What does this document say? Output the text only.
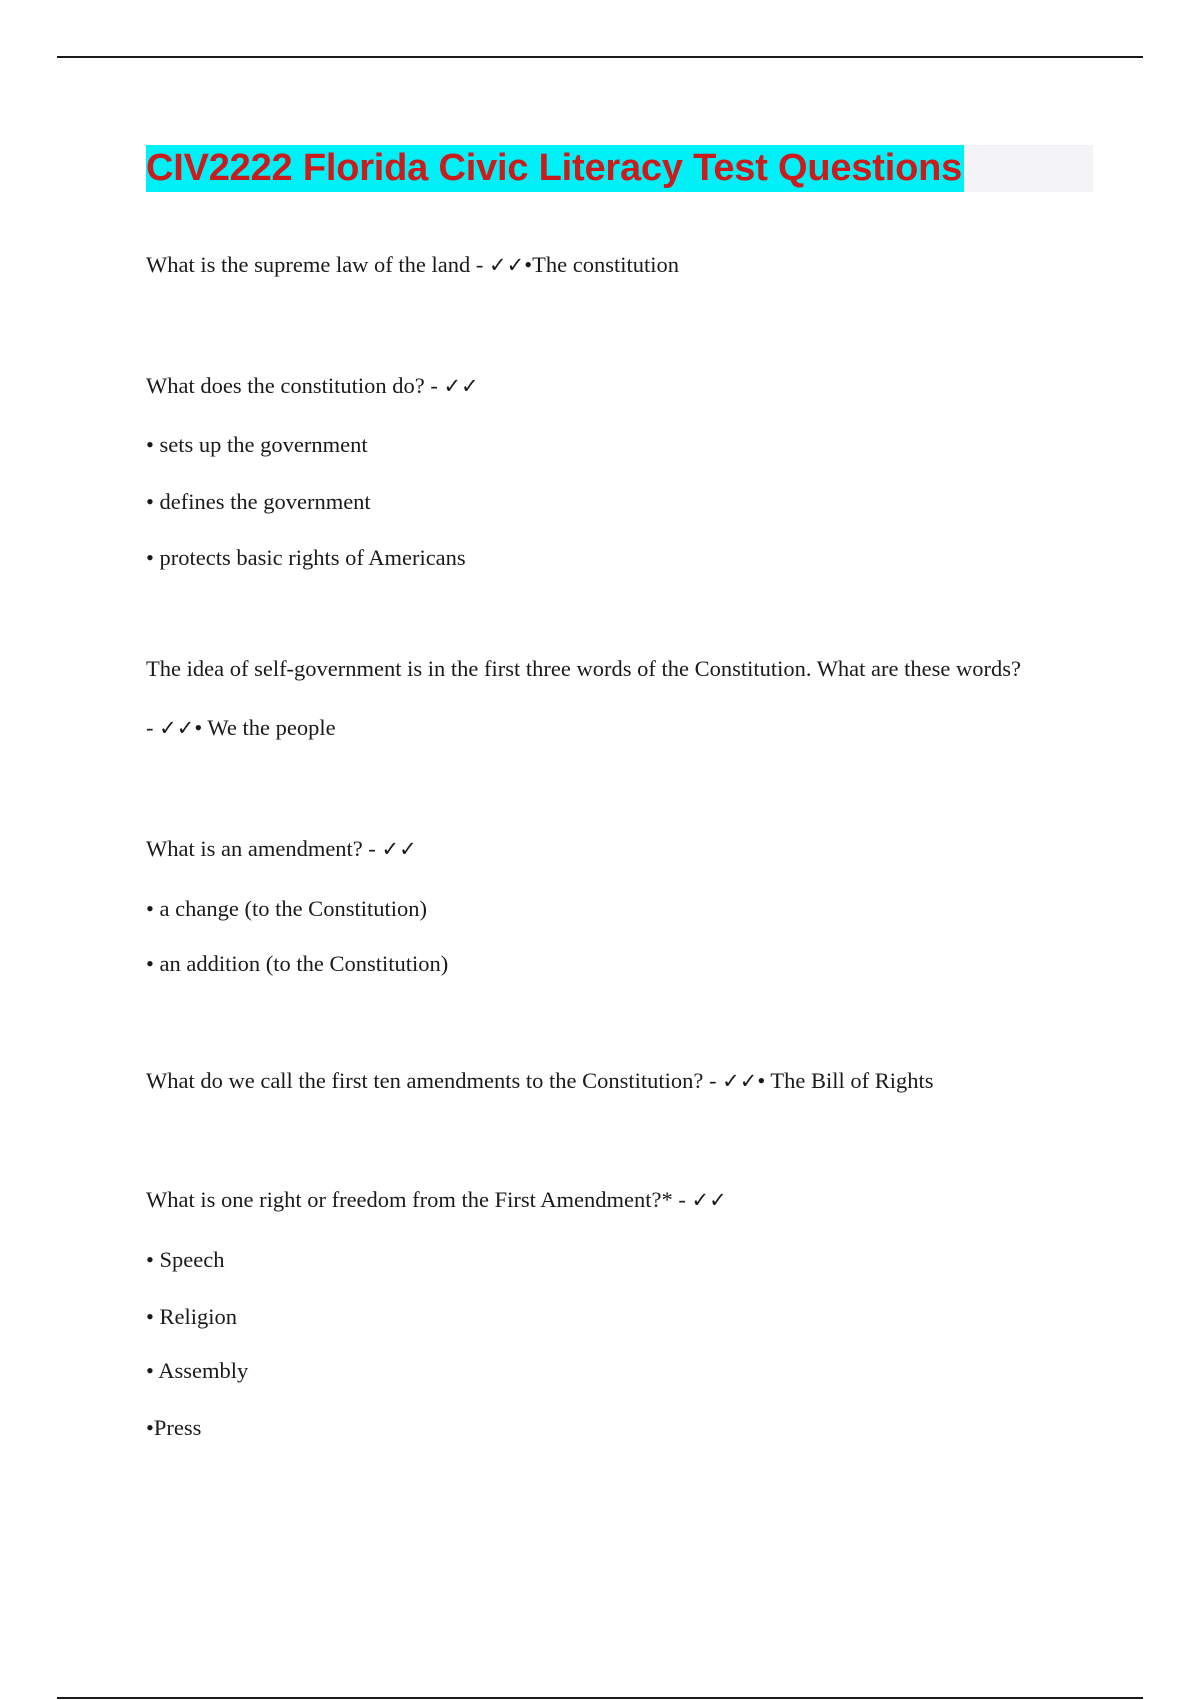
CIV2222 Florida Civic Literacy Test Questions
What is the supreme law of the land - ✓✓•The constitution
What does the constitution do? - ✓✓
• sets up the government
• defines the government
• protects basic rights of Americans
The idea of self-government is in the first three words of the Constitution. What are these words?
- ✓✓• We the people
What is an amendment? - ✓✓
• a change (to the Constitution)
• an addition (to the Constitution)
What do we call the first ten amendments to the Constitution? - ✓✓• The Bill of Rights
What is one right or freedom from the First Amendment?* - ✓✓
• Speech
• Religion
• Assembly
•Press
